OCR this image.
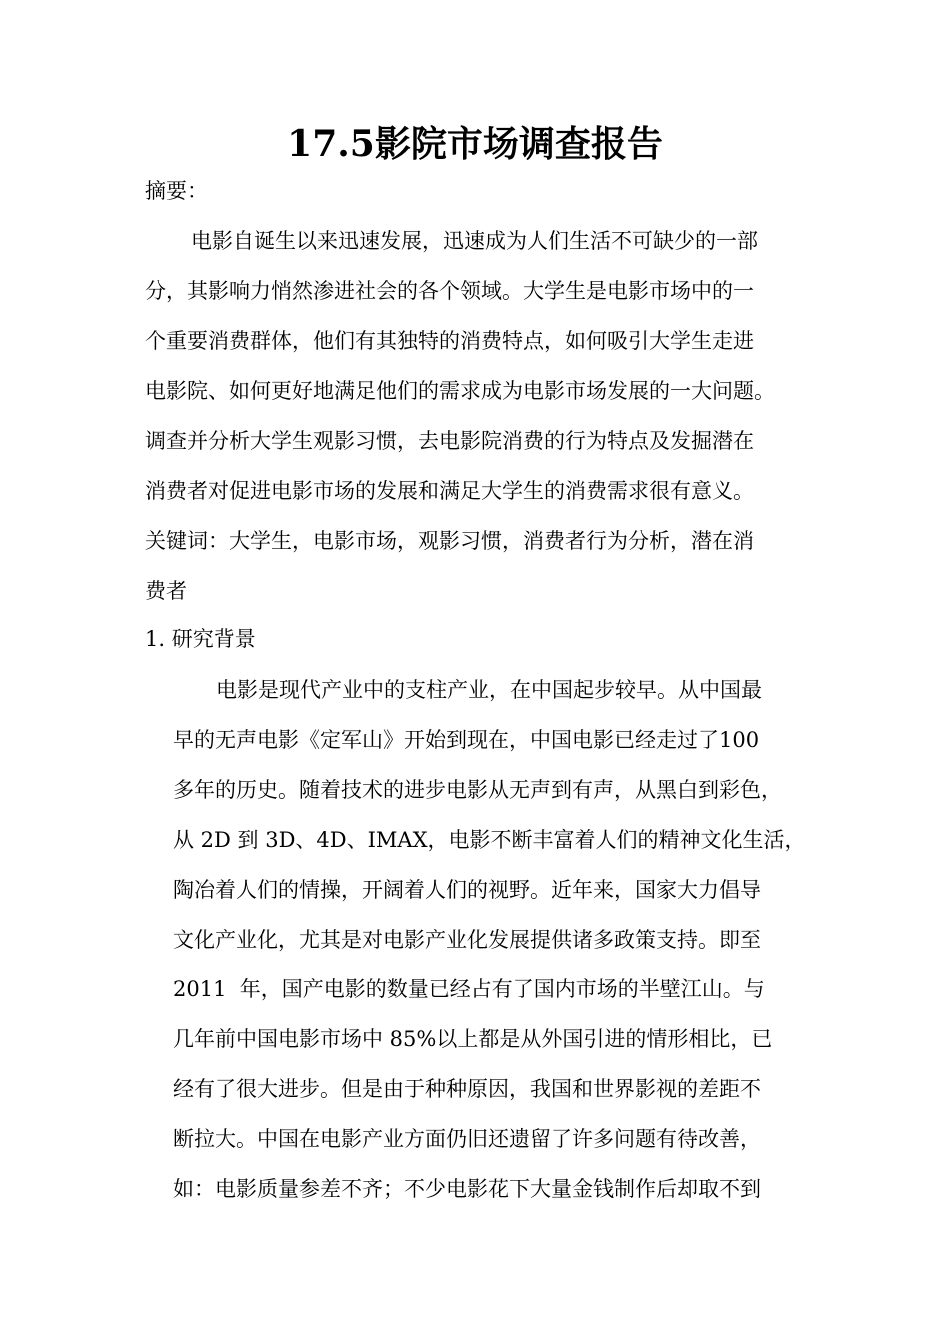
17.5影院市场调查报告
摘要：
电影自诞生以来迅速发展，迅速成为人们生活不可缺少的一部
分，其影响力悄然渗进社会的各个领域。大学生是电影市场中的一
个重要消费群体，他们有其独特的消费特点，如何吸引大学生走进
电影院、如何更好地满足他们的需求成为电影市场发展的一大问题。
调查并分析大学生观影习惯，去电影院消费的行为特点及发掘潜在
消费者对促进电影市场的发展和满足大学生的消费需求很有意义。
关键词：大学生，电影市场，观影习惯，消费者行为分析，潜在消
费者
1. 研究背景
电影是现代产业中的支柱产业，在中国起步较早。从中国最
早的无声电影《定军山》开始到现在，中国电影已经走过了100
多年的历史。随着技术的进步电影从无声到有声，从黑白到彩色，
从 2D 到 3D、4D、IMAX，电影不断丰富着人们的精神文化生活，
陶冶着人们的情操，开阔着人们的视野。近年来，国家大力倡导
文化产业化，尤其是对电影产业化发展提供诸多政策支持。即至
2011  年，国产电影的数量已经占有了国内市场的半壁江山。与
几年前中国电影市场中 85%以上都是从外国引进的情形相比，已
经有了很大进步。但是由于种种原因，我国和世界影视的差距不
断拉大。中国在电影产业方面仍旧还遗留了许多问题有待改善，
如：电影质量参差不齐；不少电影花下大量金钱制作后却取不到
